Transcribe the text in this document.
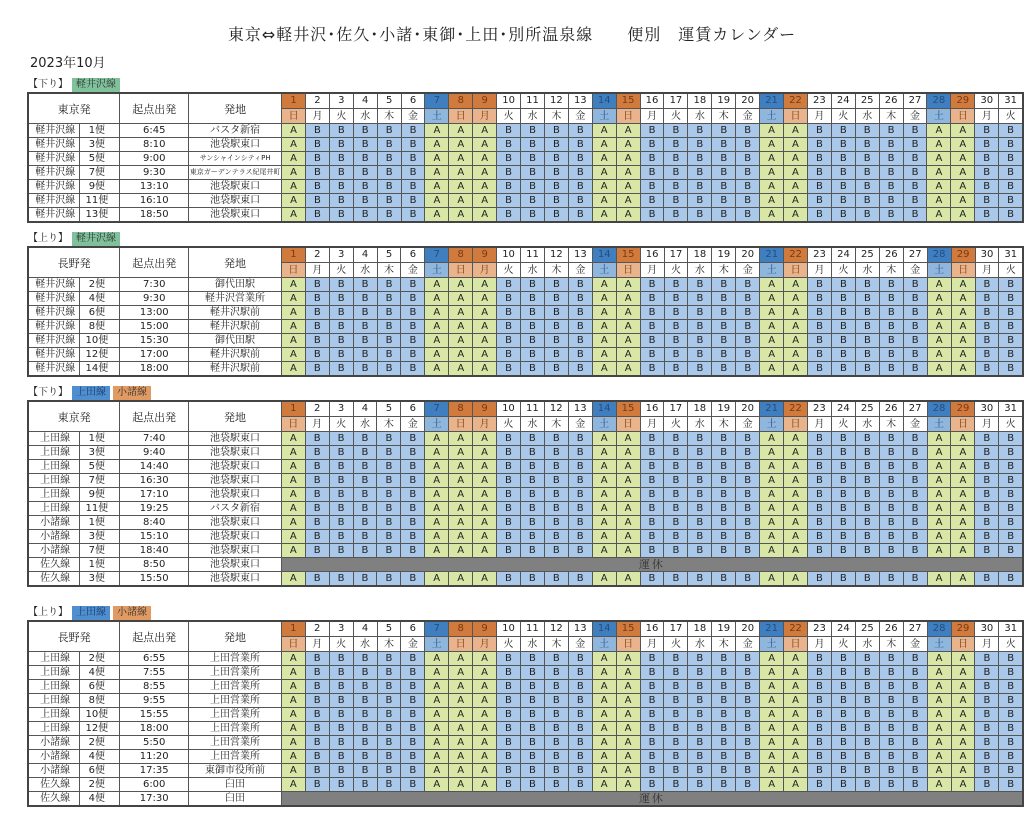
東京⇔軽井沢･佐久･小諸･東御･上田･別所温泉線　　便別　運賃カレンダー
2023年10月
【下り】 軽井沢線
東京発		起点出発	発地	1	2	3	4	5	6	7	8	9	10	11	12	13	14	15	16	17	18	19	20	21	22	23	24	25	26	27	28	29	30	31
				日	月	火	水	木	金	土	日	月	火	水	木	金	土	日	月	火	水	木	金	土	日	月	火	水	木	金	土	日	月	火
軽井沢線	1便	6:45	バスタ新宿	A	B	B	B	B	B	A	A	A	B	B	B	B	A	A	B	B	B	B	B	A	A	B	B	B	B	B	A	A	B	B
軽井沢線	3便	8:10	池袋駅東口	A	B	B	B	B	B	A	A	A	B	B	B	B	A	A	B	B	B	B	B	A	A	B	B	B	B	B	A	A	B	B
軽井沢線	5便	9:00	サンシャインシティPH	A	B	B	B	B	B	A	A	A	B	B	B	B	A	A	B	B	B	B	B	A	A	B	B	B	B	B	A	A	B	B
軽井沢線	7便	9:30	東京ガーデンテラス紀尾井町	A	B	B	B	B	B	A	A	A	B	B	B	B	A	A	B	B	B	B	B	A	A	B	B	B	B	B	A	A	B	B
軽井沢線	9便	13:10	池袋駅東口	A	B	B	B	B	B	A	A	A	B	B	B	B	A	A	B	B	B	B	B	A	A	B	B	B	B	B	A	A	B	B
軽井沢線	11便	16:10	池袋駅東口	A	B	B	B	B	B	A	A	A	B	B	B	B	A	A	B	B	B	B	B	A	A	B	B	B	B	B	A	A	B	B
軽井沢線	13便	18:50	池袋駅東口	A	B	B	B	B	B	A	A	A	B	B	B	B	A	A	B	B	B	B	B	A	A	B	B	B	B	B	A	A	B	B
【上り】 軽井沢線
長野発		起点出発	発地	1	2	3	4	5	6	7	8	9	10	11	12	13	14	15	16	17	18	19	20	21	22	23	24	25	26	27	28	29	30	31
				日	月	火	水	木	金	土	日	月	火	水	木	金	土	日	月	火	水	木	金	土	日	月	火	水	木	金	土	日	月	火
軽井沢線	2便	7:30	御代田駅	A	B	B	B	B	B	A	A	A	B	B	B	B	A	A	B	B	B	B	B	A	A	B	B	B	B	B	A	A	B	B
軽井沢線	4便	9:30	軽井沢営業所	A	B	B	B	B	B	A	A	A	B	B	B	B	A	A	B	B	B	B	B	A	A	B	B	B	B	B	A	A	B	B
軽井沢線	6便	13:00	軽井沢駅前	A	B	B	B	B	B	A	A	A	B	B	B	B	A	A	B	B	B	B	B	A	A	B	B	B	B	B	A	A	B	B
軽井沢線	8便	15:00	軽井沢駅前	A	B	B	B	B	B	A	A	A	B	B	B	B	A	A	B	B	B	B	B	A	A	B	B	B	B	B	A	A	B	B
軽井沢線	10便	15:30	御代田駅	A	B	B	B	B	B	A	A	A	B	B	B	B	A	A	B	B	B	B	B	A	A	B	B	B	B	B	A	A	B	B
軽井沢線	12便	17:00	軽井沢駅前	A	B	B	B	B	B	A	A	A	B	B	B	B	A	A	B	B	B	B	B	A	A	B	B	B	B	B	A	A	B	B
軽井沢線	14便	18:00	軽井沢駅前	A	B	B	B	B	B	A	A	A	B	B	B	B	A	A	B	B	B	B	B	A	A	B	B	B	B	B	A	A	B	B
【下り】 上田線	小諸線
東京発		起点出発	発地	1	2	3	4	5	6	7	8	9	10	11	12	13	14	15	16	17	18	19	20	21	22	23	24	25	26	27	28	29	30	31
				日	月	火	水	木	金	土	日	月	火	水	木	金	土	日	月	火	水	木	金	土	日	月	火	水	木	金	土	日	月	火
上田線	1便	7:40	池袋駅東口	A	B	B	B	B	B	A	A	A	B	B	B	B	A	A	B	B	B	B	B	A	A	B	B	B	B	B	A	A	B	B
上田線	3便	9:40	池袋駅東口	A	B	B	B	B	B	A	A	A	B	B	B	B	A	A	B	B	B	B	B	A	A	B	B	B	B	B	A	A	B	B
上田線	5便	14:40	池袋駅東口	A	B	B	B	B	B	A	A	A	B	B	B	B	A	A	B	B	B	B	B	A	A	B	B	B	B	B	A	A	B	B
上田線	7便	16:30	池袋駅東口	A	B	B	B	B	B	A	A	A	B	B	B	B	A	A	B	B	B	B	B	A	A	B	B	B	B	B	A	A	B	B
上田線	9便	17:10	池袋駅東口	A	B	B	B	B	B	A	A	A	B	B	B	B	A	A	B	B	B	B	B	A	A	B	B	B	B	B	A	A	B	B
上田線	11便	19:25	バスタ新宿	A	B	B	B	B	B	A	A	A	B	B	B	B	A	A	B	B	B	B	B	A	A	B	B	B	B	B	A	A	B	B
小諸線	1便	8:40	池袋駅東口	A	B	B	B	B	B	A	A	A	B	B	B	B	A	A	B	B	B	B	B	A	A	B	B	B	B	B	A	A	B	B
小諸線	3便	15:10	池袋駅東口	A	B	B	B	B	B	A	A	A	B	B	B	B	A	A	B	B	B	B	B	A	A	B	B	B	B	B	A	A	B	B
小諸線	7便	18:40	池袋駅東口	A	B	B	B	B	B	A	A	A	B	B	B	B	A	A	B	B	B	B	B	A	A	B	B	B	B	B	A	A	B	B
佐久線	1便	8:50	池袋駅東口	運休																														
佐久線	3便	15:50	池袋駅東口	A	B	B	B	B	B	A	A	A	B	B	B	B	A	A	B	B	B	B	B	A	A	B	B	B	B	B	A	A	B	B
【上り】 上田線	小諸線
長野発		起点出発	発地	1	2	3	4	5	6	7	8	9	10	11	12	13	14	15	16	17	18	19	20	21	22	23	24	25	26	27	28	29	30	31
				日	月	火	水	木	金	土	日	月	火	水	木	金	土	日	月	火	水	木	金	土	日	月	火	水	木	金	土	日	月	火
上田線	2便	6:55	上田営業所	A	B	B	B	B	B	A	A	A	B	B	B	B	A	A	B	B	B	B	B	A	A	B	B	B	B	B	A	A	B	B
上田線	4便	7:55	上田営業所	A	B	B	B	B	B	A	A	A	B	B	B	B	A	A	B	B	B	B	B	A	A	B	B	B	B	B	A	A	B	B
上田線	6便	8:55	上田営業所	A	B	B	B	B	B	A	A	A	B	B	B	B	A	A	B	B	B	B	B	A	A	B	B	B	B	B	A	A	B	B
上田線	8便	9:55	上田営業所	A	B	B	B	B	B	A	A	A	B	B	B	B	A	A	B	B	B	B	B	A	A	B	B	B	B	B	A	A	B	B
上田線	10便	15:55	上田営業所	A	B	B	B	B	B	A	A	A	B	B	B	B	A	A	B	B	B	B	B	A	A	B	B	B	B	B	A	A	B	B
上田線	12便	18:00	上田営業所	A	B	B	B	B	B	A	A	A	B	B	B	B	A	A	B	B	B	B	B	A	A	B	B	B	B	B	A	A	B	B
小諸線	2便	5:50	上田営業所	A	B	B	B	B	B	A	A	A	B	B	B	B	A	A	B	B	B	B	B	A	A	B	B	B	B	B	A	A	B	B
小諸線	4便	11:20	上田営業所	A	B	B	B	B	B	A	A	A	B	B	B	B	A	A	B	B	B	B	B	A	A	B	B	B	B	B	A	A	B	B
小諸線	6便	17:35	東御市役所前	A	B	B	B	B	B	A	A	A	B	B	B	B	A	A	B	B	B	B	B	A	A	B	B	B	B	B	A	A	B	B
佐久線	2便	6:00	臼田	A	B	B	B	B	B	A	A	A	B	B	B	B	A	A	B	B	B	B	B	A	A	B	B	B	B	B	A	A	B	B
佐久線	4便	17:30	臼田	運休																														
